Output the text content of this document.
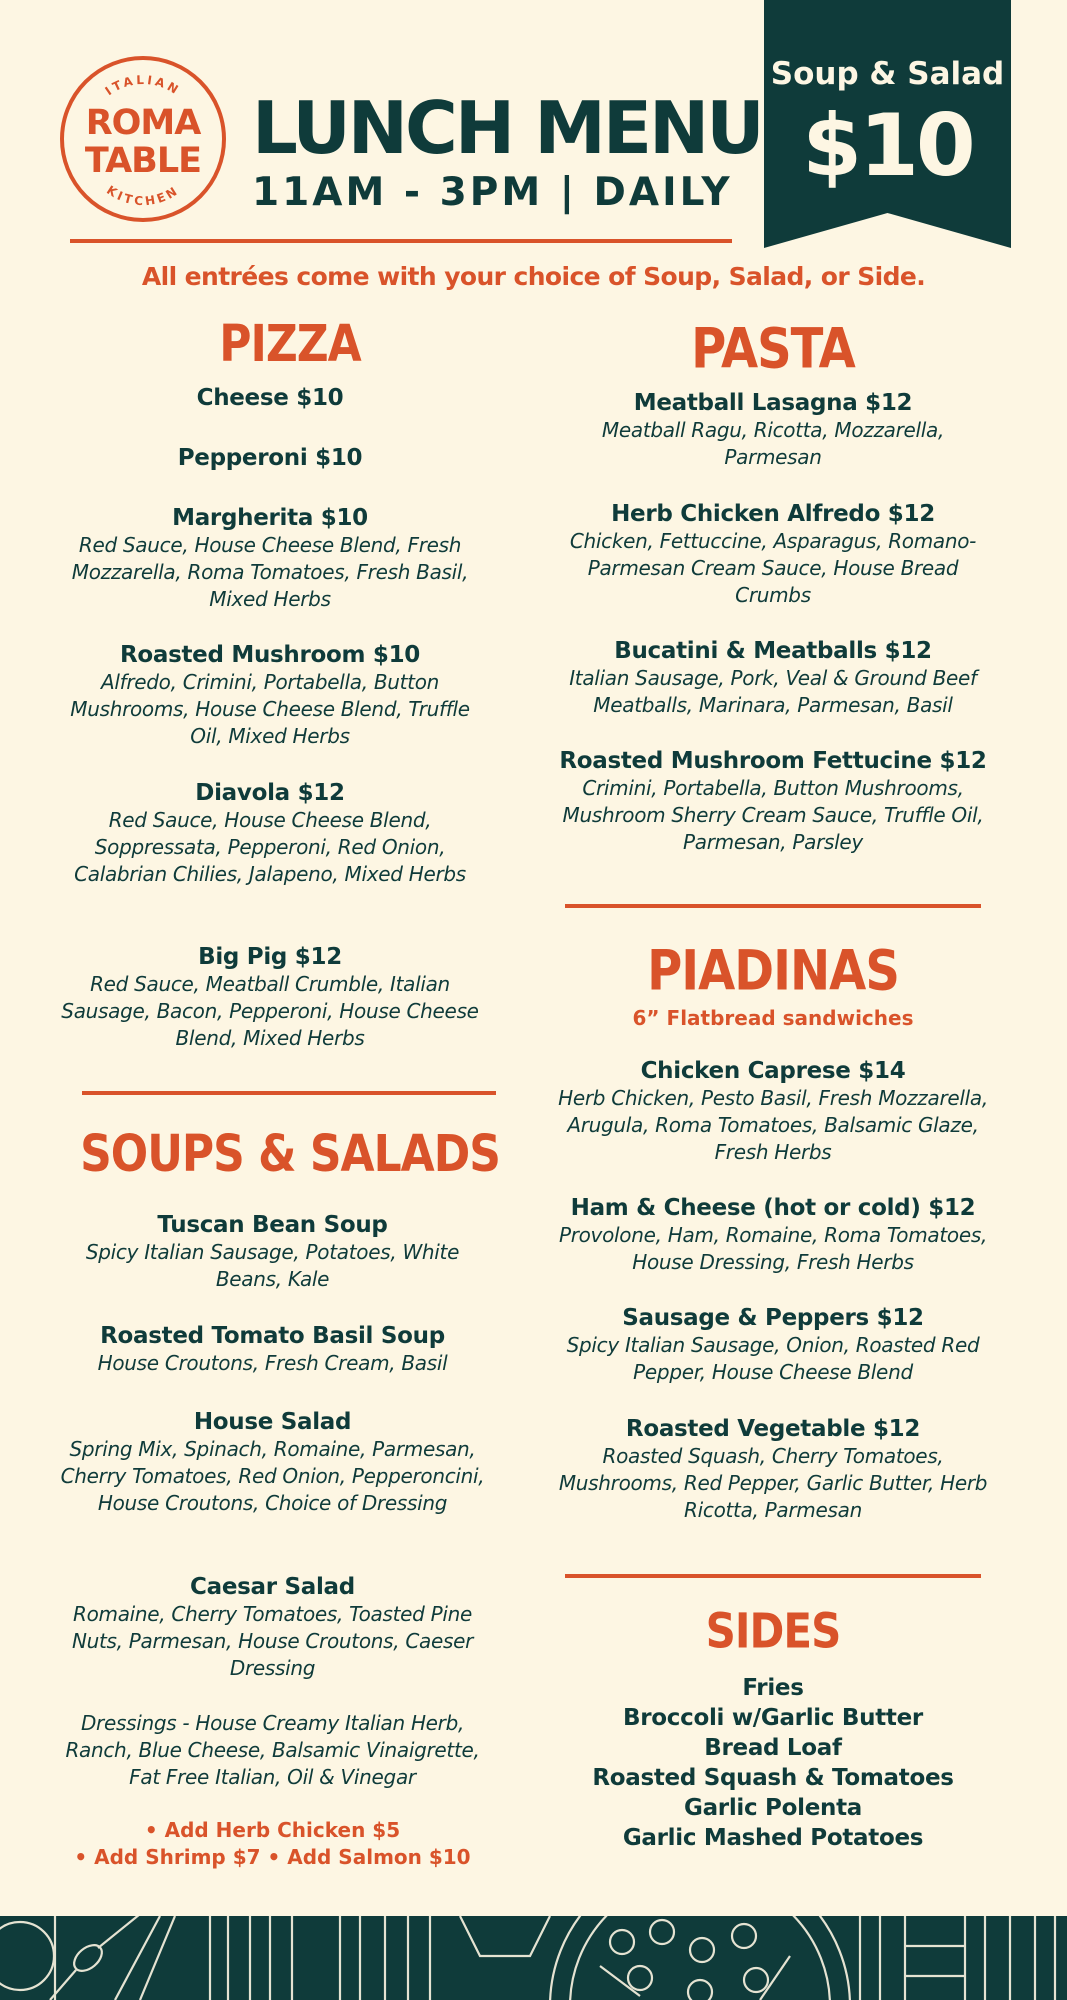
ITALIAN
KITCHEN
ROMA
TABLE LUNCH MENU
11AM - 3PM | DAILY
Soup & Salad
$10
All entrées come with your choice of Soup, Salad, or Side.
PIZZA
Cheese $10
Pepperoni $10
Margherita $10
Red Sauce, House Cheese Blend, Fresh Mozzarella, Roma Tomatoes, Fresh Basil, Mixed Herbs
Roasted Mushroom $10
Alfredo, Crimini, Portabella, Button Mushrooms, House Cheese Blend, Truffle Oil, Mixed Herbs
Diavola $12
Red Sauce, House Cheese Blend, Soppressata, Pepperoni, Red Onion, Calabrian Chilies, Jalapeno, Mixed Herbs
Big Pig $12
Red Sauce, Meatball Crumble, Italian Sausage, Bacon, Pepperoni, House Cheese Blend, Mixed Herbs
SOUPS & SALADS
Tuscan Bean Soup
Spicy Italian Sausage, Potatoes, White Beans, Kale
Roasted Tomato Basil Soup
House Croutons, Fresh Cream, Basil
House Salad
Spring Mix, Spinach, Romaine, Parmesan, Cherry Tomatoes, Red Onion, Pepperoncini, House Croutons, Choice of Dressing
Caesar Salad
Romaine, Cherry Tomatoes, Toasted Pine Nuts, Parmesan, House Croutons, Caeser Dressing
Dressings - House Creamy Italian Herb, Ranch, Blue Cheese, Balsamic Vinaigrette, Fat Free Italian, Oil & Vinegar
• Add Herb Chicken $5
• Add Shrimp $7 • Add Salmon $10
PASTA
Meatball Lasagna $12
Meatball Ragu, Ricotta, Mozzarella, Parmesan
Herb Chicken Alfredo $12
Chicken, Fettuccine, Asparagus, Romano-Parmesan Cream Sauce, House Bread Crumbs
Bucatini & Meatballs $12
Italian Sausage, Pork, Veal & Ground Beef Meatballs, Marinara, Parmesan, Basil
Roasted Mushroom Fettucine $12
Crimini, Portabella, Button Mushrooms, Mushroom Sherry Cream Sauce, Truffle Oil, Parmesan, Parsley
PIADINAS
6” Flatbread sandwiches
Chicken Caprese $14
Herb Chicken, Pesto Basil, Fresh Mozzarella, Arugula, Roma Tomatoes, Balsamic Glaze, Fresh Herbs
Ham & Cheese (hot or cold) $12
Provolone, Ham, Romaine, Roma Tomatoes, House Dressing, Fresh Herbs
Sausage & Peppers $12
Spicy Italian Sausage, Onion, Roasted Red Pepper, House Cheese Blend
Roasted Vegetable $12
Roasted Squash, Cherry Tomatoes, Mushrooms, Red Pepper, Garlic Butter, Herb Ricotta, Parmesan
SIDES
Fries
Broccoli w/Garlic Butter
Bread Loaf
Roasted Squash & Tomatoes
Garlic Polenta
Garlic Mashed Potatoes
